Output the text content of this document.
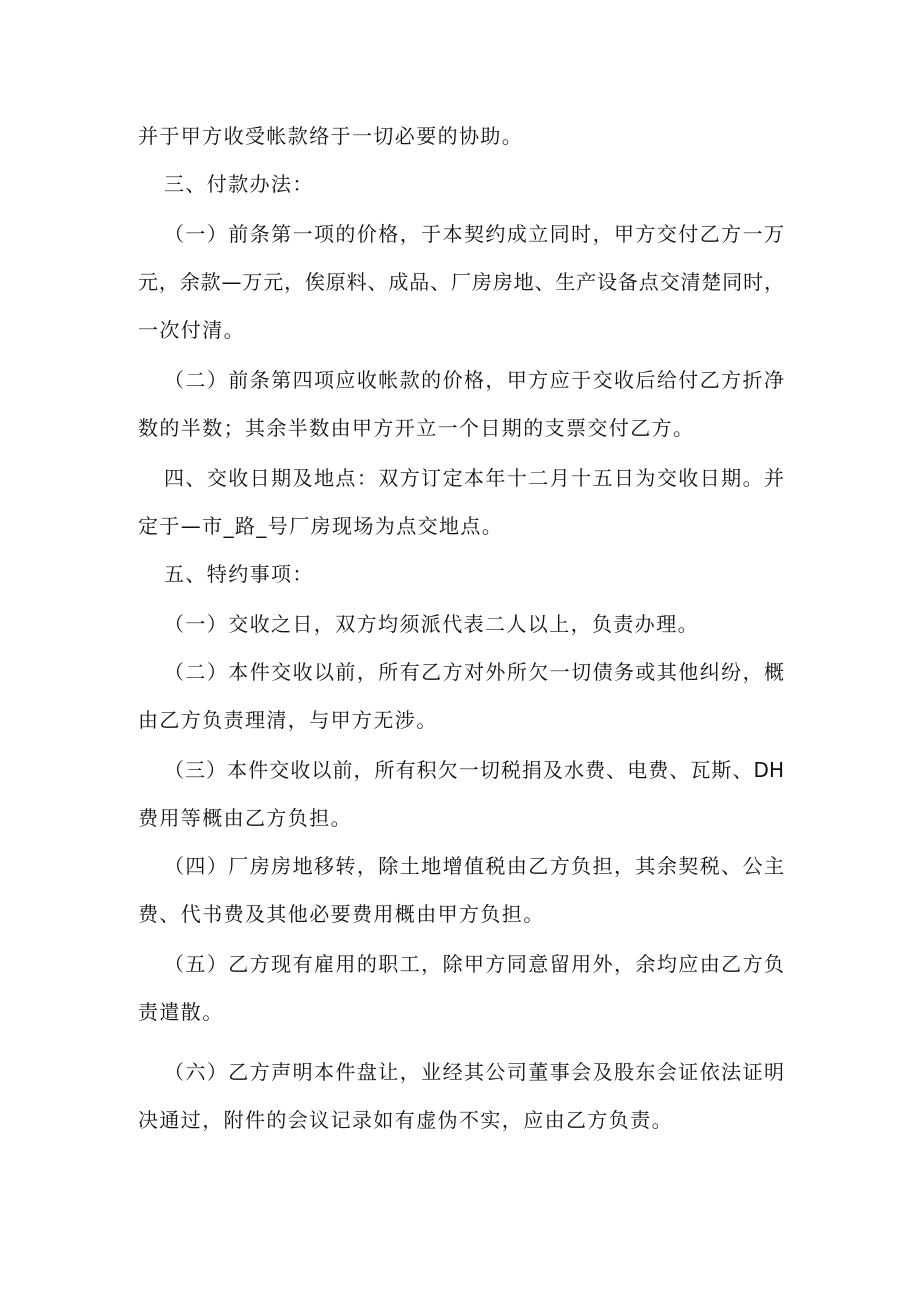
并于甲方收受帐款络于一切必要的协助。
三、付款办法：
（一）前条第一项的价格，于本契约成立同时，甲方交付乙方一万
元，余款—万元，俟原料、成品、厂房房地、生产设备点交清楚同时，
一次付清。
（二）前条第四项应收帐款的价格，甲方应于交收后给付乙方折净
数的半数；其余半数由甲方开立一个日期的支票交付乙方。
四、交收日期及地点：双方订定本年十二月十五日为交收日期。并
定于—市_路_号厂房现场为点交地点。
五、特约事项：
（一）交收之日，双方均须派代表二人以上，负责办理。
（二）本件交收以前，所有乙方对外所欠一切债务或其他纠纷，概
由乙方负责理清，与甲方无涉。
（三）本件交收以前，所有积欠一切税捐及水费、电费、瓦斯、DH
费用等概由乙方负担。
（四）厂房房地移转，除土地增值税由乙方负担，其余契税、公主
费、代书费及其他必要费用概由甲方负担。
（五）乙方现有雇用的职工，除甲方同意留用外，余均应由乙方负
责遣散。
（六）乙方声明本件盘让，业经其公司董事会及股东会证依法证明
决通过，附件的会议记录如有虚伪不实，应由乙方负责。
